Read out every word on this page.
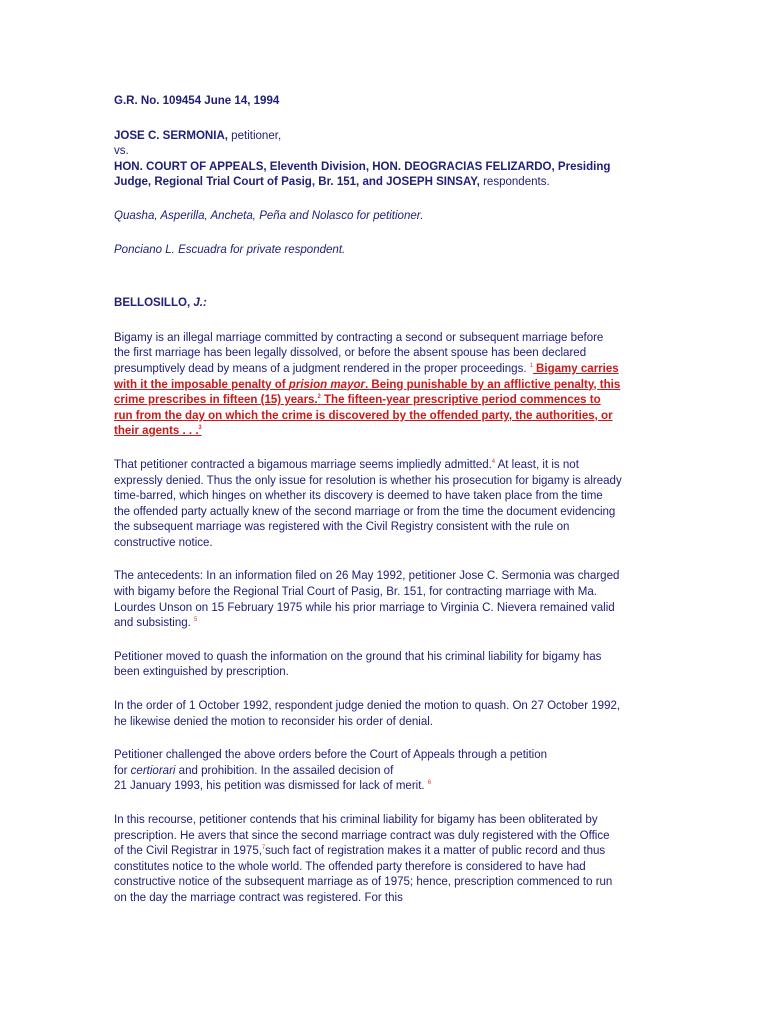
G.R. No. 109454 June 14, 1994

JOSE C. SERMONIA, petitioner,
vs.
HON. COURT OF APPEALS, Eleventh Division, HON. DEOGRACIAS FELIZARDO, Presiding Judge, Regional Trial Court of Pasig, Br. 151, and JOSEPH SINSAY, respondents.

Quasha, Asperilla, Ancheta, Peña and Nolasco for petitioner.

Ponciano L. Escuadra for private respondent.

BELLOSILLO, J.:

Bigamy is an illegal marriage committed by contracting a second or subsequent marriage before the first marriage has been legally dissolved, or before the absent spouse has been declared presumptively dead by means of a judgment rendered in the proper proceedings. $^1$ Bigamy carries with it the imposable penalty of prision mayor. Being punishable by an afflictive penalty, this crime prescribes in fifteen (15) years.$^2$ The fifteen-year prescriptive period commences to run from the day on which the crime is discovered by the offended party, the authorities, or their agents . . .$^3$

That petitioner contracted a bigamous marriage seems impliedly admitted.$^4$ At least, it is not expressly denied. Thus the only issue for resolution is whether his prosecution for bigamy is already time-barred, which hinges on whether its discovery is deemed to have taken place from the time the offended party actually knew of the second marriage or from the time the document evidencing the subsequent marriage was registered with the Civil Registry consistent with the rule on constructive notice.

The antecedents: In an information filed on 26 May 1992, petitioner Jose C. Sermonia was charged with bigamy before the Regional Trial Court of Pasig, Br. 151, for contracting marriage with Ma. Lourdes Unson on 15 February 1975 while his prior marriage to Virginia C. Nievera remained valid and subsisting. $^5$

Petitioner moved to quash the information on the ground that his criminal liability for bigamy has been extinguished by prescription.

In the order of 1 October 1992, respondent judge denied the motion to quash. On 27 October 1992, he likewise denied the motion to reconsider his order of denial.

Petitioner challenged the above orders before the Court of Appeals through a petition
for certiorari and prohibition. In the assailed decision of
21 January 1993, his petition was dismissed for lack of merit. $^6$

In this recourse, petitioner contends that his criminal liability for bigamy has been obliterated by prescription. He avers that since the second marriage contract was duly registered with the Office of the Civil Registrar in 1975,$^7$such fact of registration makes it a matter of public record and thus constitutes notice to the whole world. The offended party therefore is considered to have had constructive notice of the subsequent marriage as of 1975; hence, prescription commenced to run on the day the marriage contract was registered. For this
